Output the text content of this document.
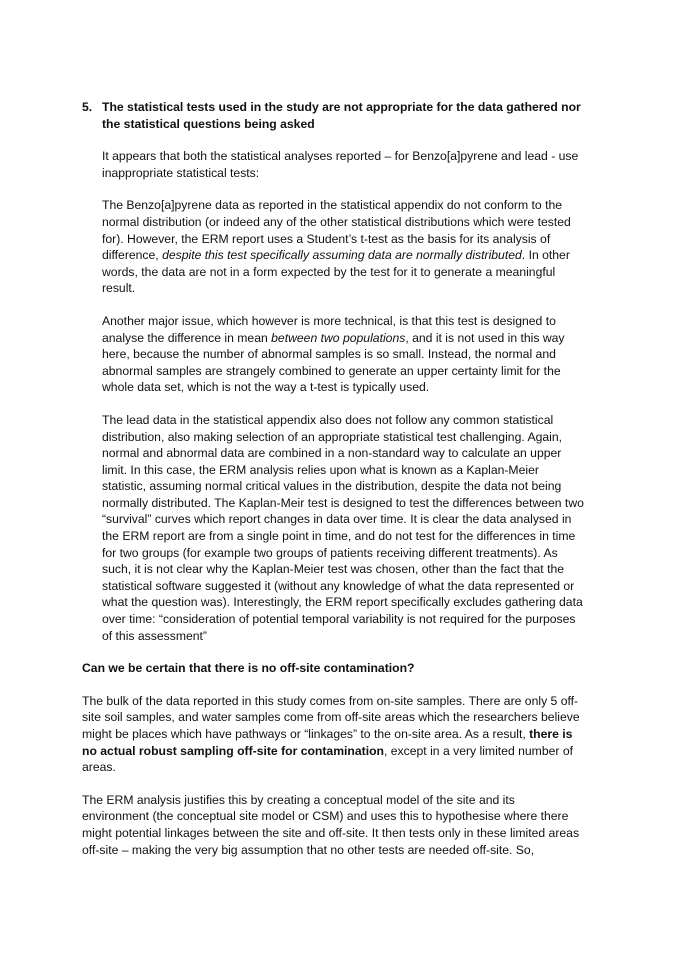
5. The statistical tests used in the study are not appropriate for the data gathered nor the statistical questions being asked

It appears that both the statistical analyses reported – for Benzo[a]pyrene and lead - use inappropriate statistical tests:

The Benzo[a]pyrene data as reported in the statistical appendix do not conform to the normal distribution (or indeed any of the other statistical distributions which were tested for). However, the ERM report uses a Student’s t-test as the basis for its analysis of difference, despite this test specifically assuming data are normally distributed. In other words, the data are not in a form expected by the test for it to generate a meaningful result.

Another major issue, which however is more technical, is that this test is designed to analyse the difference in mean between two populations, and it is not used in this way here, because the number of abnormal samples is so small. Instead, the normal and abnormal samples are strangely combined to generate an upper certainty limit for the whole data set, which is not the way a t-test is typically used.

The lead data in the statistical appendix also does not follow any common statistical distribution, also making selection of an appropriate statistical test challenging. Again, normal and abnormal data are combined in a non-standard way to calculate an upper limit. In this case, the ERM analysis relies upon what is known as a Kaplan-Meier statistic, assuming normal critical values in the distribution, despite the data not being normally distributed. The Kaplan-Meir test is designed to test the differences between two “survival” curves which report changes in data over time. It is clear the data analysed in the ERM report are from a single point in time, and do not test for the differences in time for two groups (for example two groups of patients receiving different treatments). As such, it is not clear why the Kaplan-Meier test was chosen, other than the fact that the statistical software suggested it (without any knowledge of what the data represented or what the question was). Interestingly, the ERM report specifically excludes gathering data over time: “consideration of potential temporal variability is not required for the purposes of this assessment”

Can we be certain that there is no off-site contamination?

The bulk of the data reported in this study comes from on-site samples. There are only 5 off-site soil samples, and water samples come from off-site areas which the researchers believe might be places which have pathways or “linkages” to the on-site area. As a result, there is no actual robust sampling off-site for contamination, except in a very limited number of areas.

The ERM analysis justifies this by creating a conceptual model of the site and its environment (the conceptual site model or CSM) and uses this to hypothesise where there might potential linkages between the site and off-site. It then tests only in these limited areas off-site – making the very big assumption that no other tests are needed off-site. So,
